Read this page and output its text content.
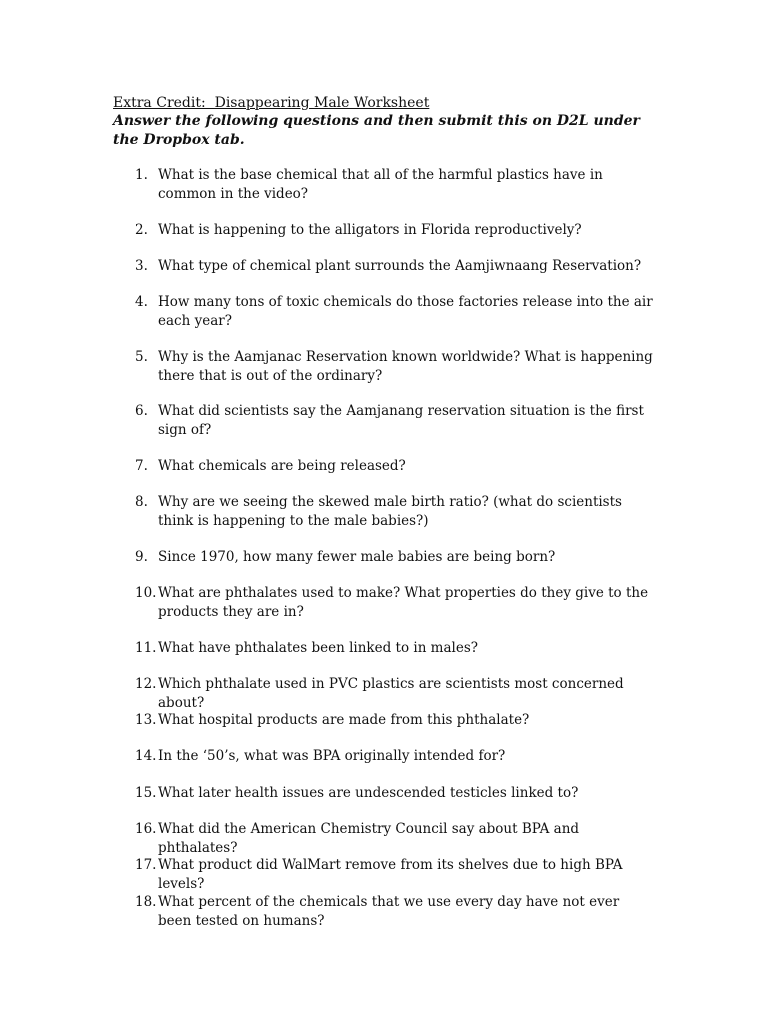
Extra Credit:  Disappearing Male Worksheet
Answer the following questions and then submit this on D2L under the Dropbox tab.
1. What is the base chemical that all of the harmful plastics have in common in the video?
2. What is happening to the alligators in Florida reproductively?
3. What type of chemical plant surrounds the Aamjiwnaang Reservation?
4. How many tons of toxic chemicals do those factories release into the air each year?
5. Why is the Aamjanac Reservation known worldwide? What is happening there that is out of the ordinary?
6. What did scientists say the Aamjanang reservation situation is the first sign of?
7. What chemicals are being released?
8. Why are we seeing the skewed male birth ratio? (what do scientists think is happening to the male babies?)
9. Since 1970, how many fewer male babies are being born?
10. What are phthalates used to make? What properties do they give to the products they are in?
11. What have phthalates been linked to in males?
12. Which phthalate used in PVC plastics are scientists most concerned about?
13. What hospital products are made from this phthalate?
14. In the ‘50’s, what was BPA originally intended for?
15. What later health issues are undescended testicles linked to?
16. What did the American Chemistry Council say about BPA and phthalates?
17. What product did WalMart remove from its shelves due to high BPA levels?
18. What percent of the chemicals that we use every day have not ever been tested on humans?
